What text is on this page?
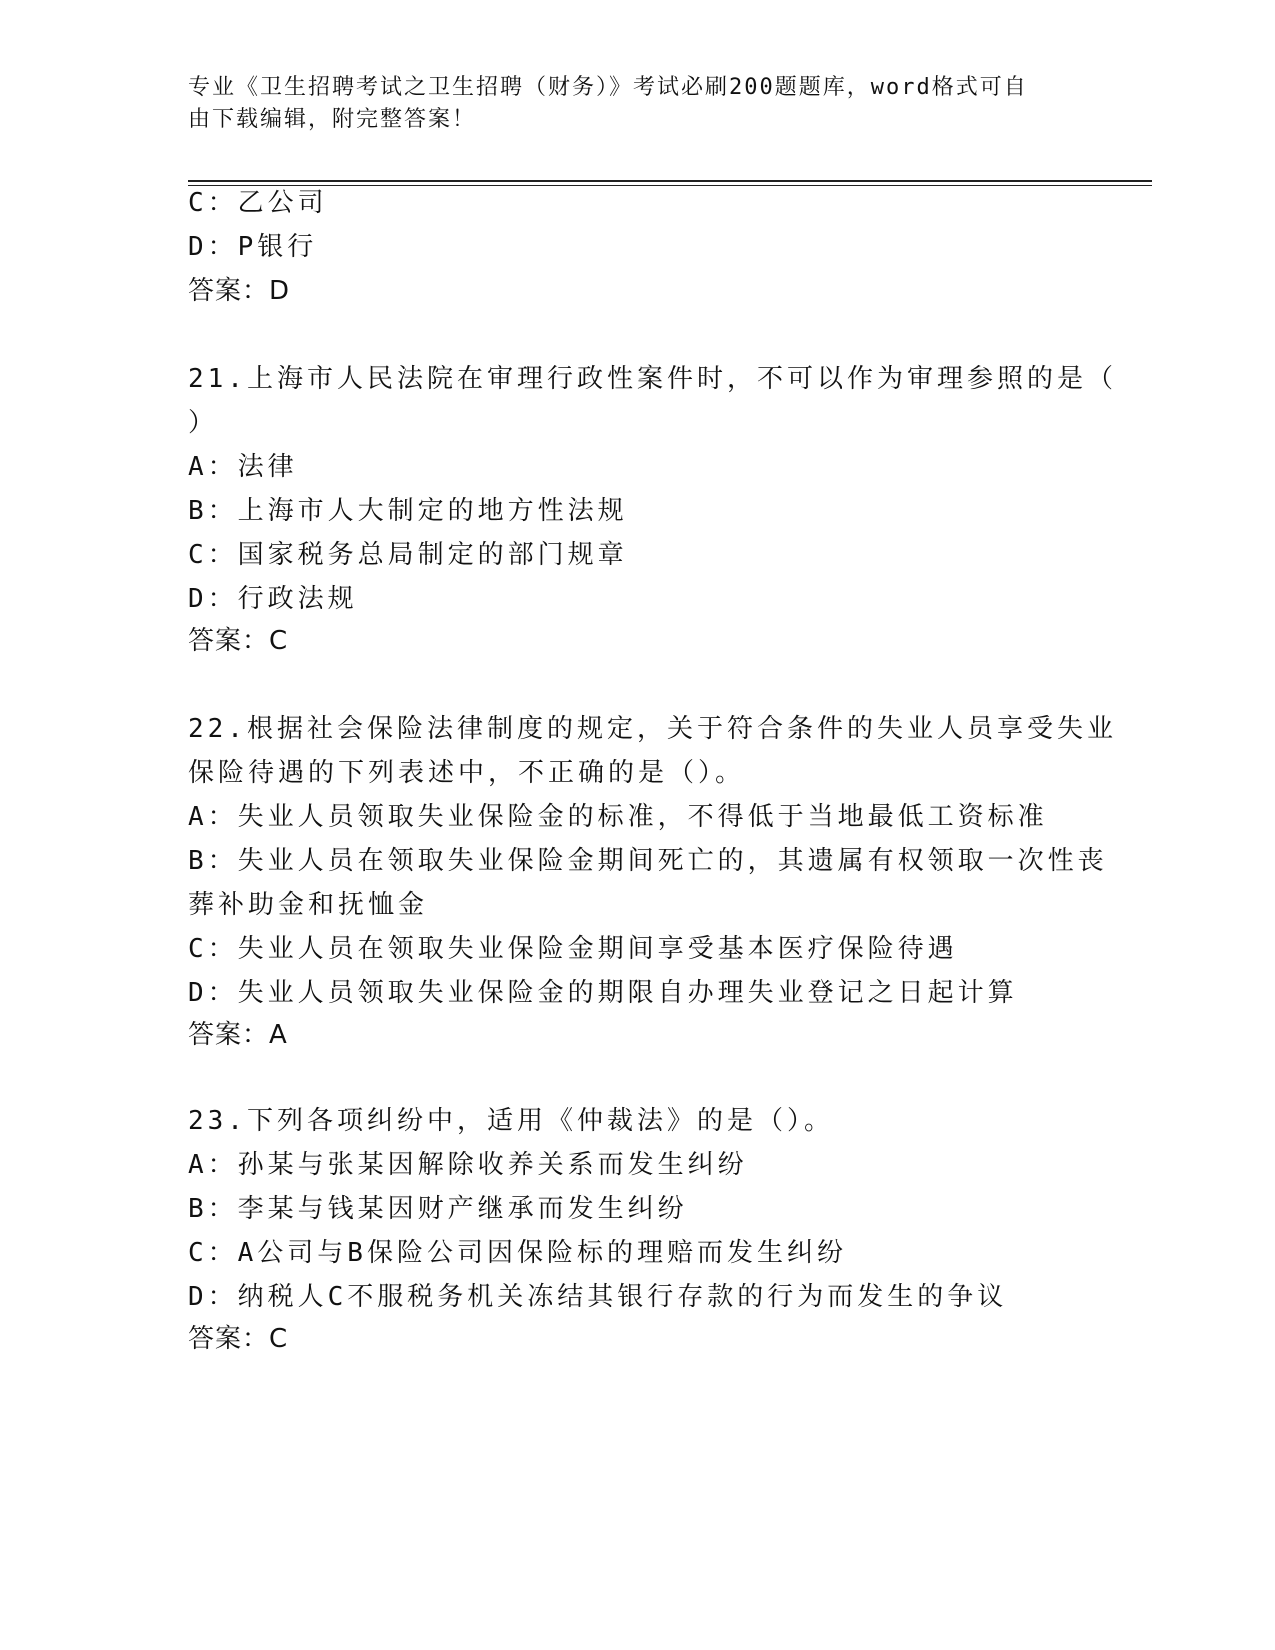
专业《卫生招聘考试之卫生招聘（财务）》考试必刷200题题库，word格式可自
由下载编辑，附完整答案！
C：乙公司
D：P银行
答案：D
21.上海市人民法院在审理行政性案件时，不可以作为审理参照的是（
）
A：法律
B：上海市人大制定的地方性法规
C：国家税务总局制定的部门规章
D：行政法规
答案：C
22.根据社会保险法律制度的规定，关于符合条件的失业人员享受失业
保险待遇的下列表述中，不正确的是（）。
A：失业人员领取失业保险金的标准，不得低于当地最低工资标准
B：失业人员在领取失业保险金期间死亡的，其遗属有权领取一次性丧
葬补助金和抚恤金
C：失业人员在领取失业保险金期间享受基本医疗保险待遇
D：失业人员领取失业保险金的期限自办理失业登记之日起计算
答案：A
23.下列各项纠纷中，适用《仲裁法》的是（）。
A：孙某与张某因解除收养关系而发生纠纷
B：李某与钱某因财产继承而发生纠纷
C：A公司与B保险公司因保险标的理赔而发生纠纷
D：纳税人C不服税务机关冻结其银行存款的行为而发生的争议
答案：C
